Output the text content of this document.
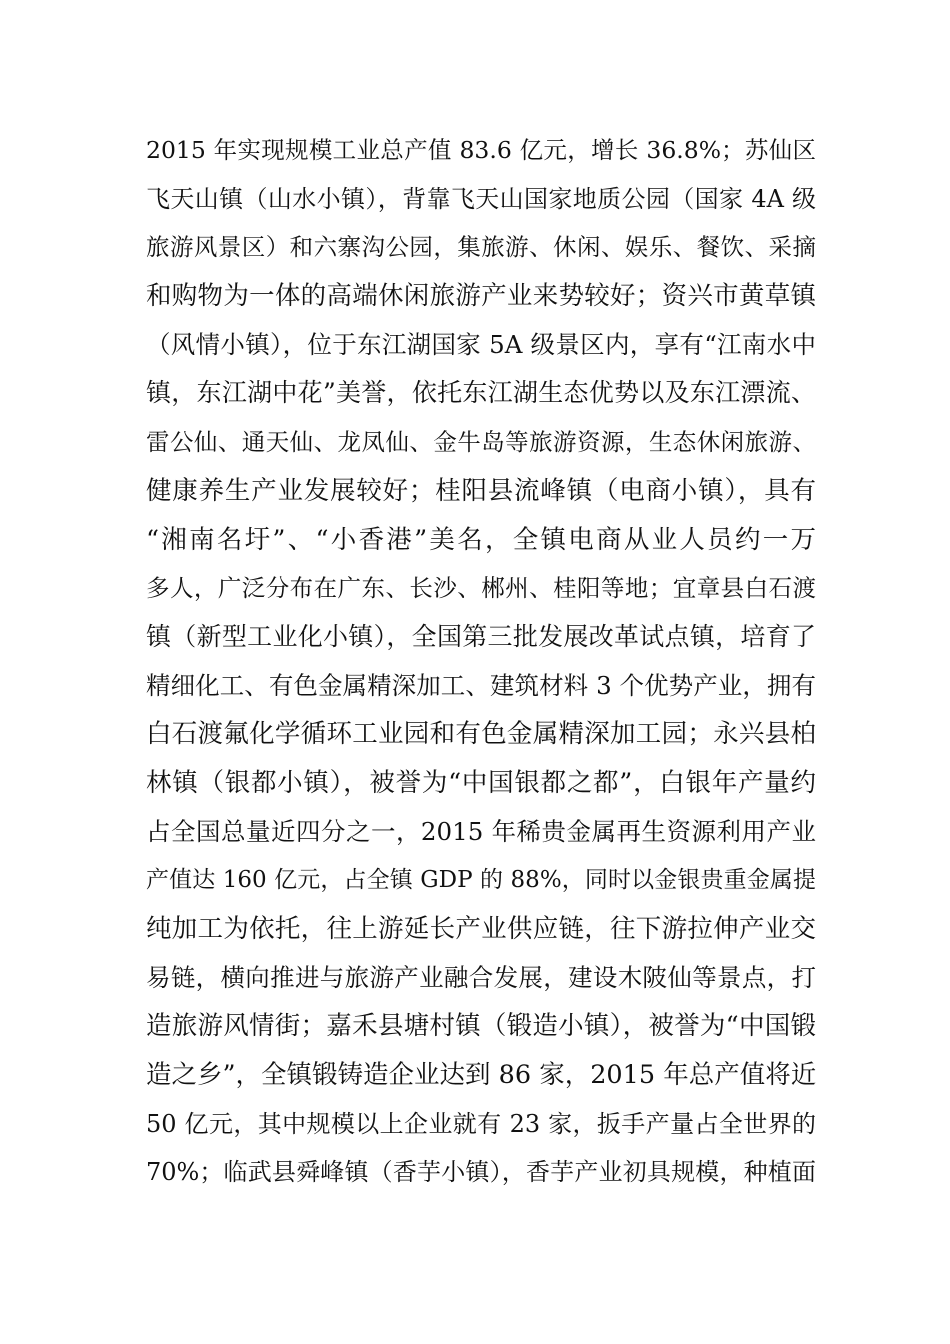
2015 年实现规模工业总产值 83.6 亿元，增长 36.8%；苏仙区
飞天山镇（山水小镇），背靠飞天山国家地质公园（国家 4A 级
旅游风景区）和六寨沟公园，集旅游、休闲、娱乐、餐饮、采摘
和购物为一体的高端休闲旅游产业来势较好；资兴市黄草镇
（风情小镇），位于东江湖国家 5A 级景区内，享有“江南水中
镇，东江湖中花”美誉，依托东江湖生态优势以及东江漂流、
雷公仙、通天仙、龙凤仙、金牛岛等旅游资源，生态休闲旅游、
健康养生产业发展较好；桂阳县流峰镇（电商小镇），具有
“湘南名圩”、“小香港”美名，全镇电商从业人员约一万
多人，广泛分布在广东、长沙、郴州、桂阳等地；宜章县白石渡
镇（新型工业化小镇），全国第三批发展改革试点镇，培育了
精细化工、有色金属精深加工、建筑材料 3 个优势产业，拥有
白石渡氟化学循环工业园和有色金属精深加工园；永兴县柏
林镇（银都小镇），被誉为“中国银都之都”，白银年产量约
占全国总量近四分之一，2015 年稀贵金属再生资源利用产业
产值达 160 亿元，占全镇 GDP 的 88%，同时以金银贵重金属提
纯加工为依托，往上游延长产业供应链，往下游拉伸产业交
易链，横向推进与旅游产业融合发展，建设木陂仙等景点，打
造旅游风情街；嘉禾县塘村镇（锻造小镇），被誉为“中国锻
造之乡”，全镇锻铸造企业达到 86 家，2015 年总产值将近
50 亿元，其中规模以上企业就有 23 家，扳手产量占全世界的
70%；临武县舜峰镇（香芋小镇），香芋产业初具规模，种植面
